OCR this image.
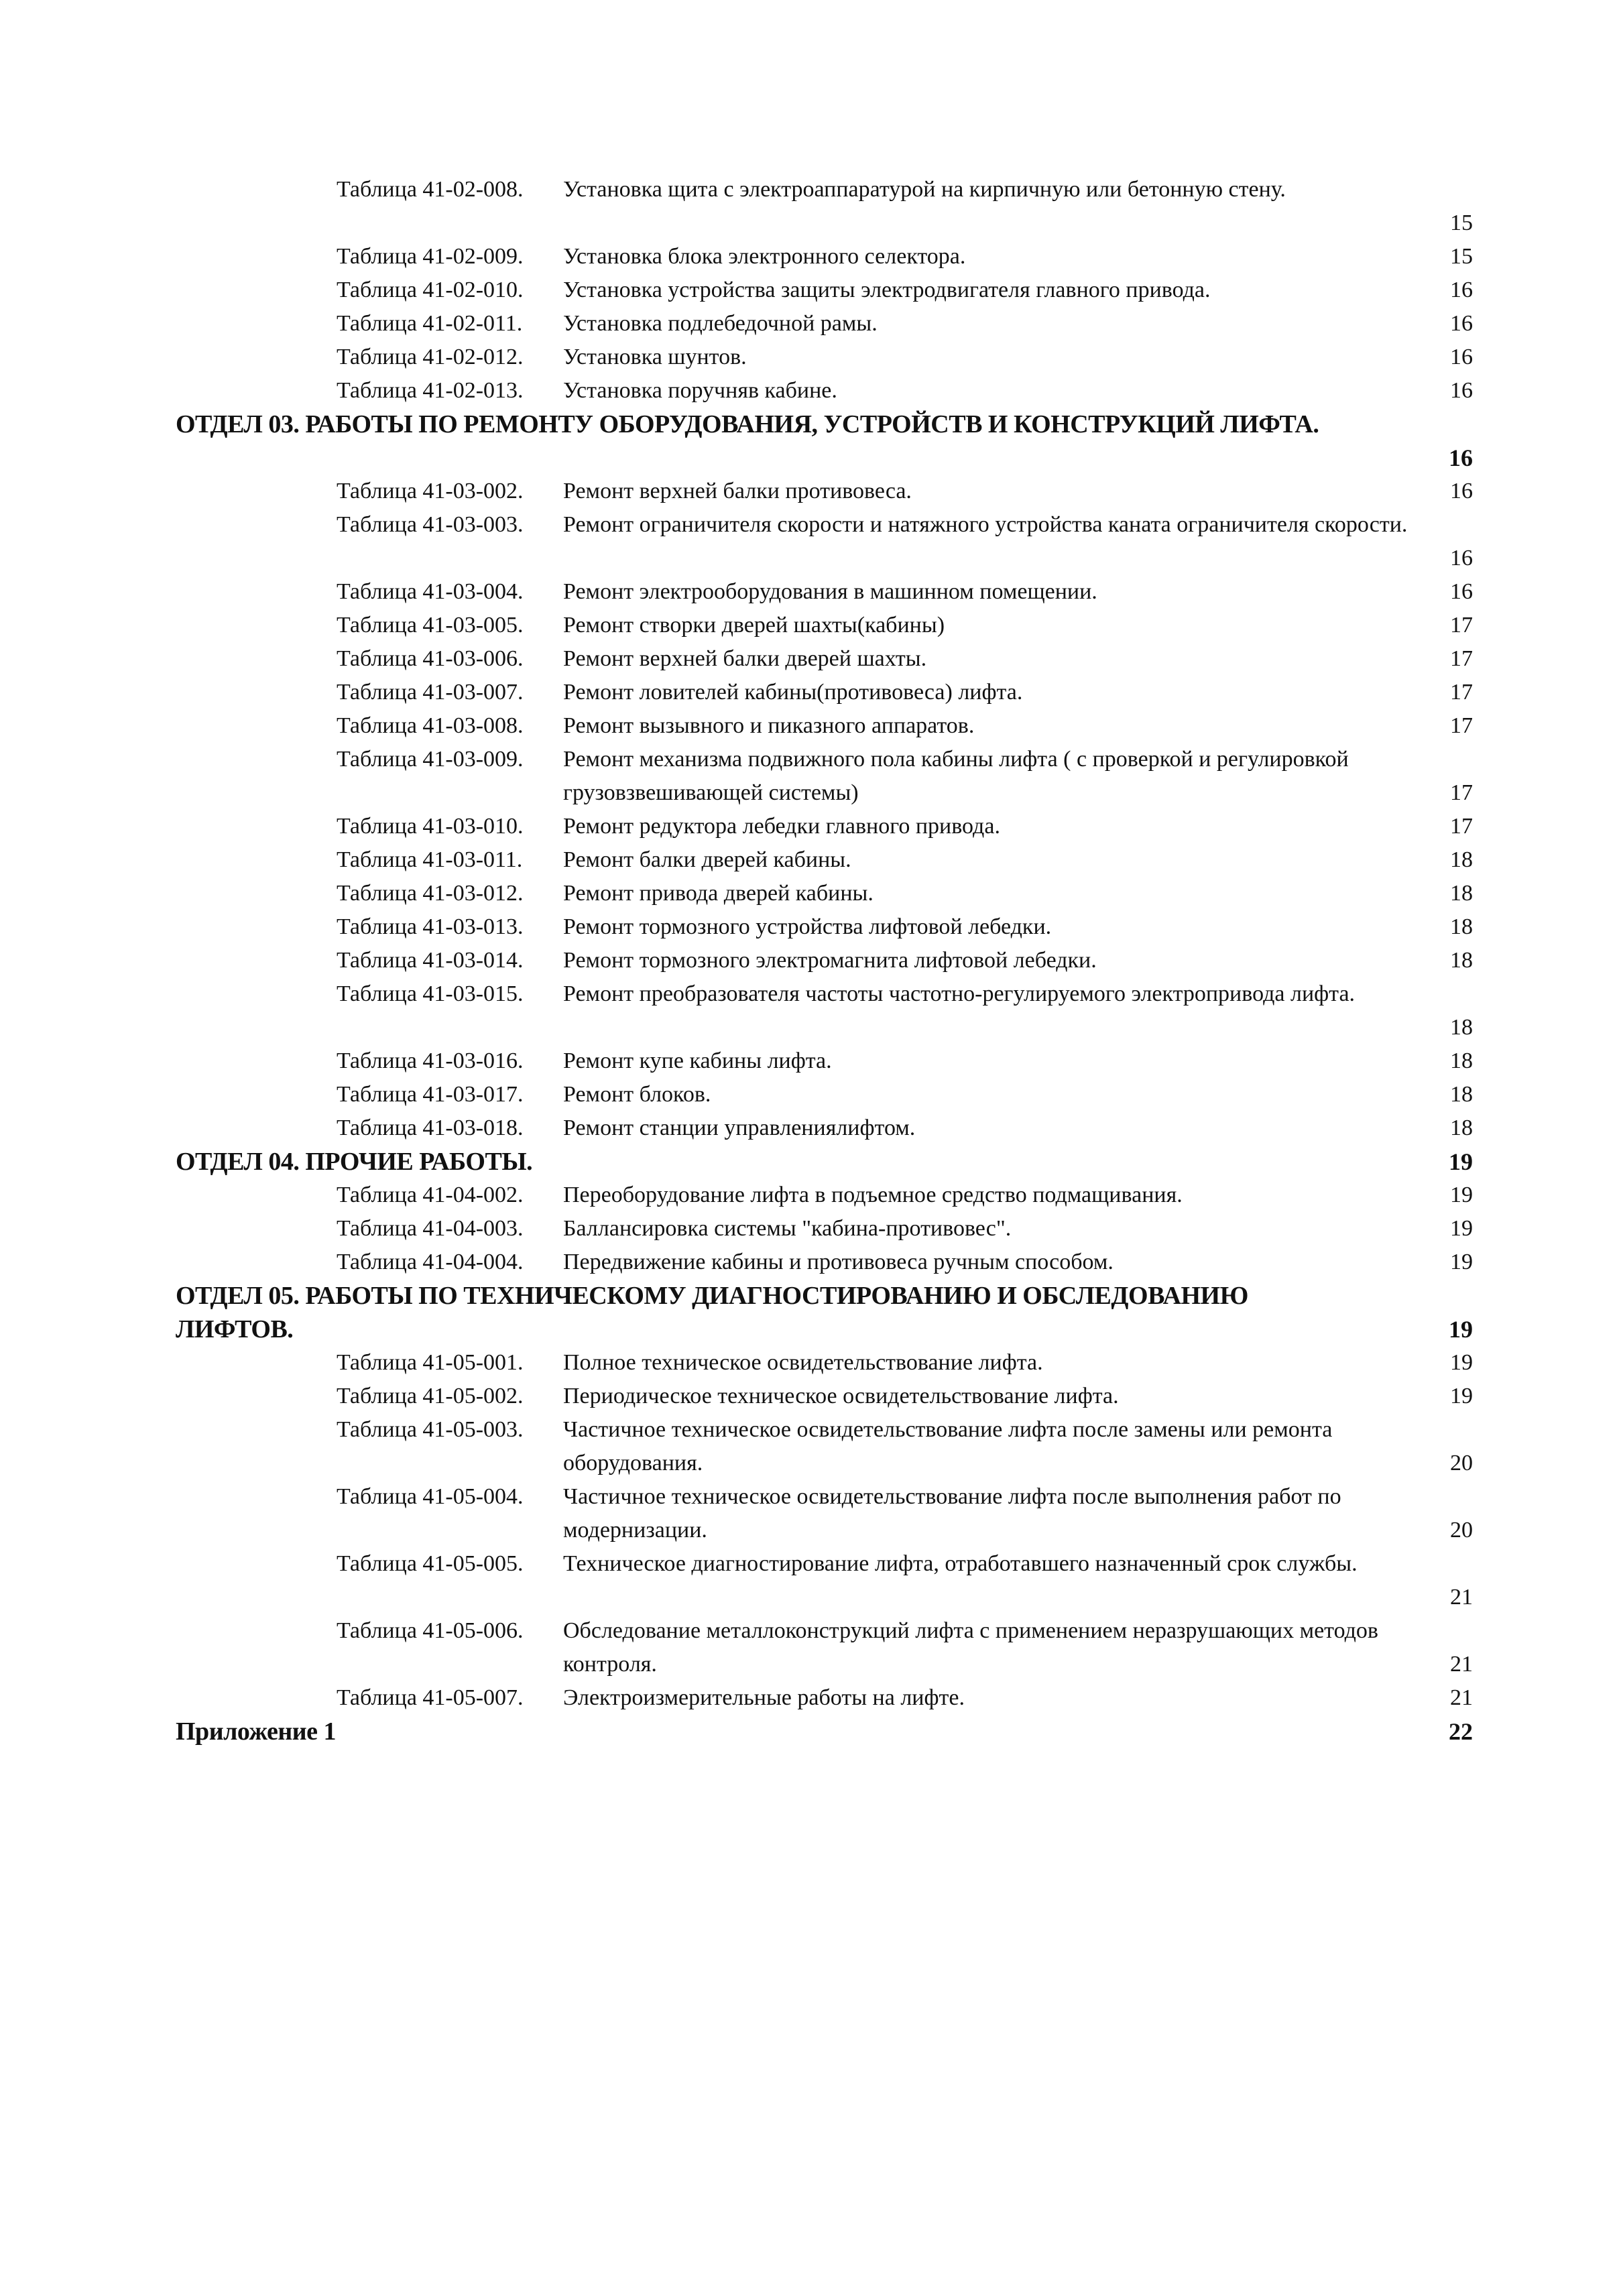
Таблица 41-02-008. Установка щита с электроаппаратурой на кирпичную или бетонную стену.
15
Таблица 41-02-009. Установка блока электронного селектора.	15
Таблица 41-02-010. Установка устройства защиты электродвигателя главного привода.	16
Таблица 41-02-011. Установка подлебедочной рамы.	16
Таблица 41-02-012. Установка шунтов.	16
Таблица 41-02-013. Установка поручняв кабине.	16
ОТДЕЛ 03. РАБОТЫ ПО РЕМОНТУ ОБОРУДОВАНИЯ, УСТРОЙСТВ И КОНСТРУКЦИЙ ЛИФТА.
16
Таблица 41-03-002. Ремонт верхней балки противовеса.	16
Таблица 41-03-003. Ремонт ограничителя скорости и натяжного устройства каната ограничителя скорости.
16
Таблица 41-03-004. Ремонт электрооборудования в машинном помещении.	16
Таблица 41-03-005. Ремонт створки дверей шахты(кабины)	17
Таблица 41-03-006. Ремонт верхней балки дверей шахты.	17
Таблица 41-03-007. Ремонт ловителей кабины(противовеса) лифта.	17
Таблица 41-03-008. Ремонт вызывного и пиказного аппаратов.	17
Таблица 41-03-009. Ремонт механизма подвижного пола кабины лифта ( с проверкой и регулировкой грузовзвешивающей системы)	17
Таблица 41-03-010. Ремонт редуктора лебедки главного привода.	17
Таблица 41-03-011. Ремонт балки дверей кабины.	18
Таблица 41-03-012. Ремонт привода дверей кабины.	18
Таблица 41-03-013. Ремонт тормозного устройства лифтовой лебедки.	18
Таблица 41-03-014. Ремонт тормозного электромагнита лифтовой лебедки.	18
Таблица 41-03-015. Ремонт преобразователя частоты частотно-регулируемого электропривода лифта.
18
Таблица 41-03-016. Ремонт купе кабины лифта.	18
Таблица 41-03-017. Ремонт блоков.	18
Таблица 41-03-018. Ремонт станции управлениялифтом.	18
ОТДЕЛ 04. ПРОЧИЕ РАБОТЫ.	19
Таблица 41-04-002. Переоборудование лифта в подъемное средство подмащивания.	19
Таблица 41-04-003. Баллансировка системы "кабина-противовес".	19
Таблица 41-04-004. Передвижение кабины и противовеса ручным способом.	19
ОТДЕЛ 05. РАБОТЫ ПО ТЕХНИЧЕСКОМУ ДИАГНОСТИРОВАНИЮ И ОБСЛЕДОВАНИЮ ЛИФТОВ.	19
Таблица 41-05-001. Полное техническое освидетельствование лифта.	19
Таблица 41-05-002. Периодическое техническое освидетельствование лифта.	19
Таблица 41-05-003. Частичное техническое освидетельствование лифта после замены или ремонта оборудования.	20
Таблица 41-05-004. Частичное техническое освидетельствование лифта после выполнения работ по модернизации.	20
Таблица 41-05-005. Техническое диагностирование лифта, отработавшего назначенный срок службы.
21
Таблица 41-05-006. Обследование металлоконструкций лифта с применением неразрушающих методов контроля.	21
Таблица 41-05-007. Электроизмерительные работы на лифте.	21
Приложение 1	22
